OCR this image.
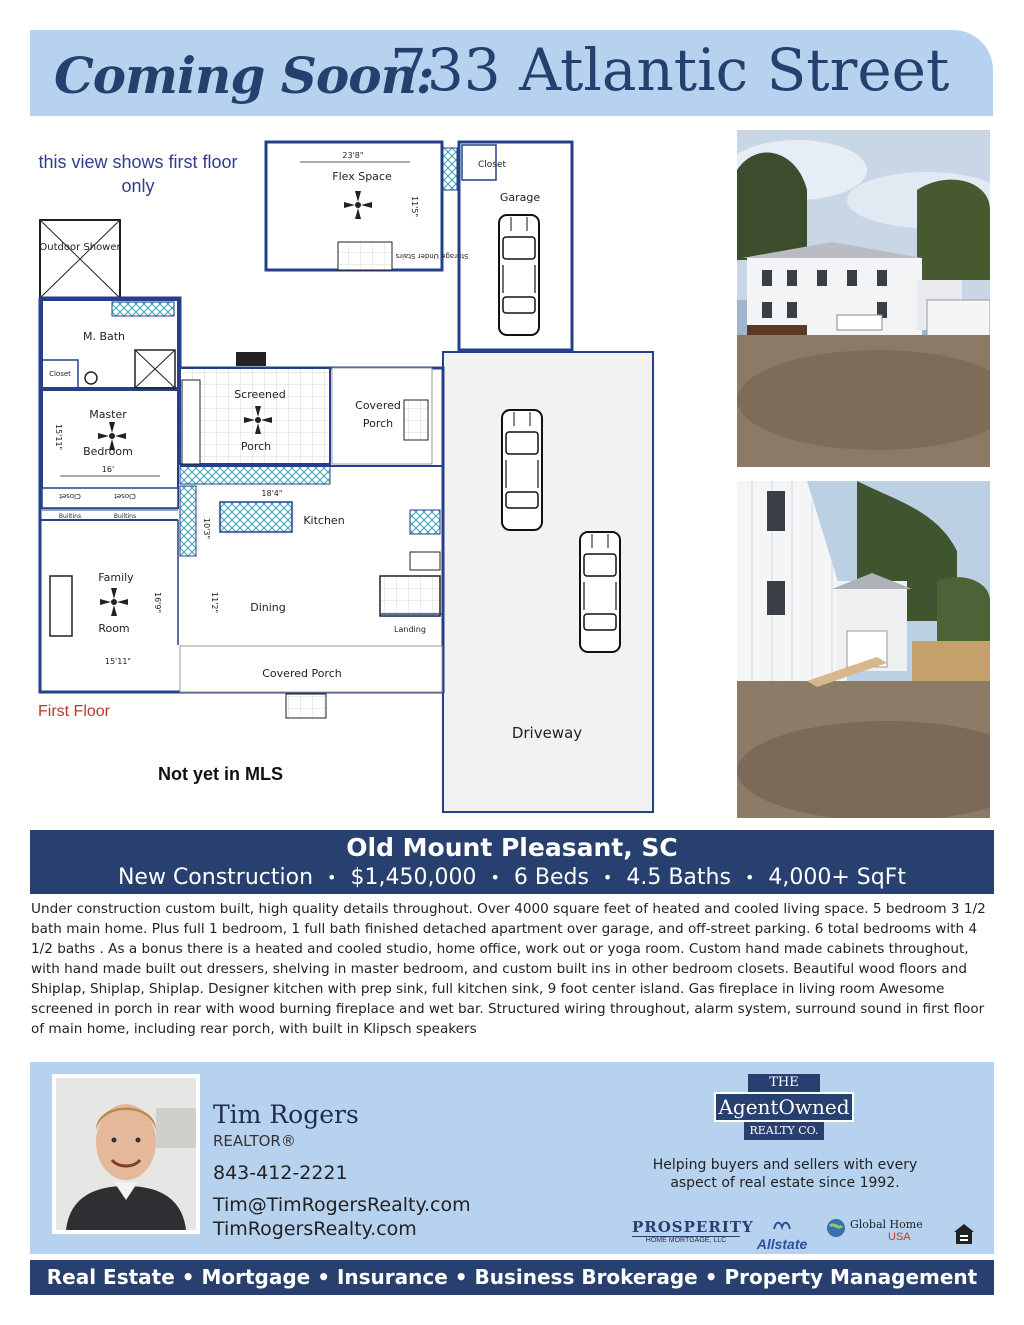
Coming Soon:
733 Atlantic Street
this view shows first floor only
Driveway
Closet
Garage
23'8"
Flex Space
11'5"
Storage Under Stairs
Outdoor Shower
M. Bath
Closet
Master
Bedroom
15'11"
16'
Closet	Closet
Builtins	Builtins
Screened
Porch
Covered
Porch
18'4"
Kitchen
10'3"
Family
Room
16'9"
15'11"
Dining
11'2"
Landing
Covered Porch
First Floor
Not yet in MLS
Old Mount Pleasant, SC
New Construction • $1,450,000 • 6 Beds • 4.5 Baths • 4,000+ SqFt
Under construction custom built, high quality details throughout. Over 4000 square feet of heated and cooled living space. 5 bedroom 3 1/2 bath main home. Plus full 1 bedroom, 1 full bath finished detached apartment over garage, and off-street parking. 6 total bedrooms with 4 1/2 baths . As a bonus there is a heated and cooled studio, home office, work out or yoga room. Custom hand made cabinets throughout, with hand made built out dressers, shelving in master bedroom, and custom built ins in other bedroom closets. Beautiful wood floors and Shiplap, Shiplap, Shiplap. Designer kitchen with prep sink, full kitchen sink, 9 foot center island. Gas fireplace in living room Awesome screened in porch in rear with wood burning fireplace and wet bar. Structured wiring throughout, alarm system, surround sound in first floor of main home, including rear porch, with built in Klipsch speakers
Tim Rogers
REALTOR®
843-412-2221
Tim@TimRogersRealty.com
TimRogersRealty.com
THE
AgentOwned
REALTY CO.
Helping buyers and sellers with every aspect of real estate since 1992.
PROSPERITY
HOME MORTGAGE, LLC	Allstate
Global Home
USA
Real Estate • Mortgage • Insurance • Business Brokerage • Property Management
